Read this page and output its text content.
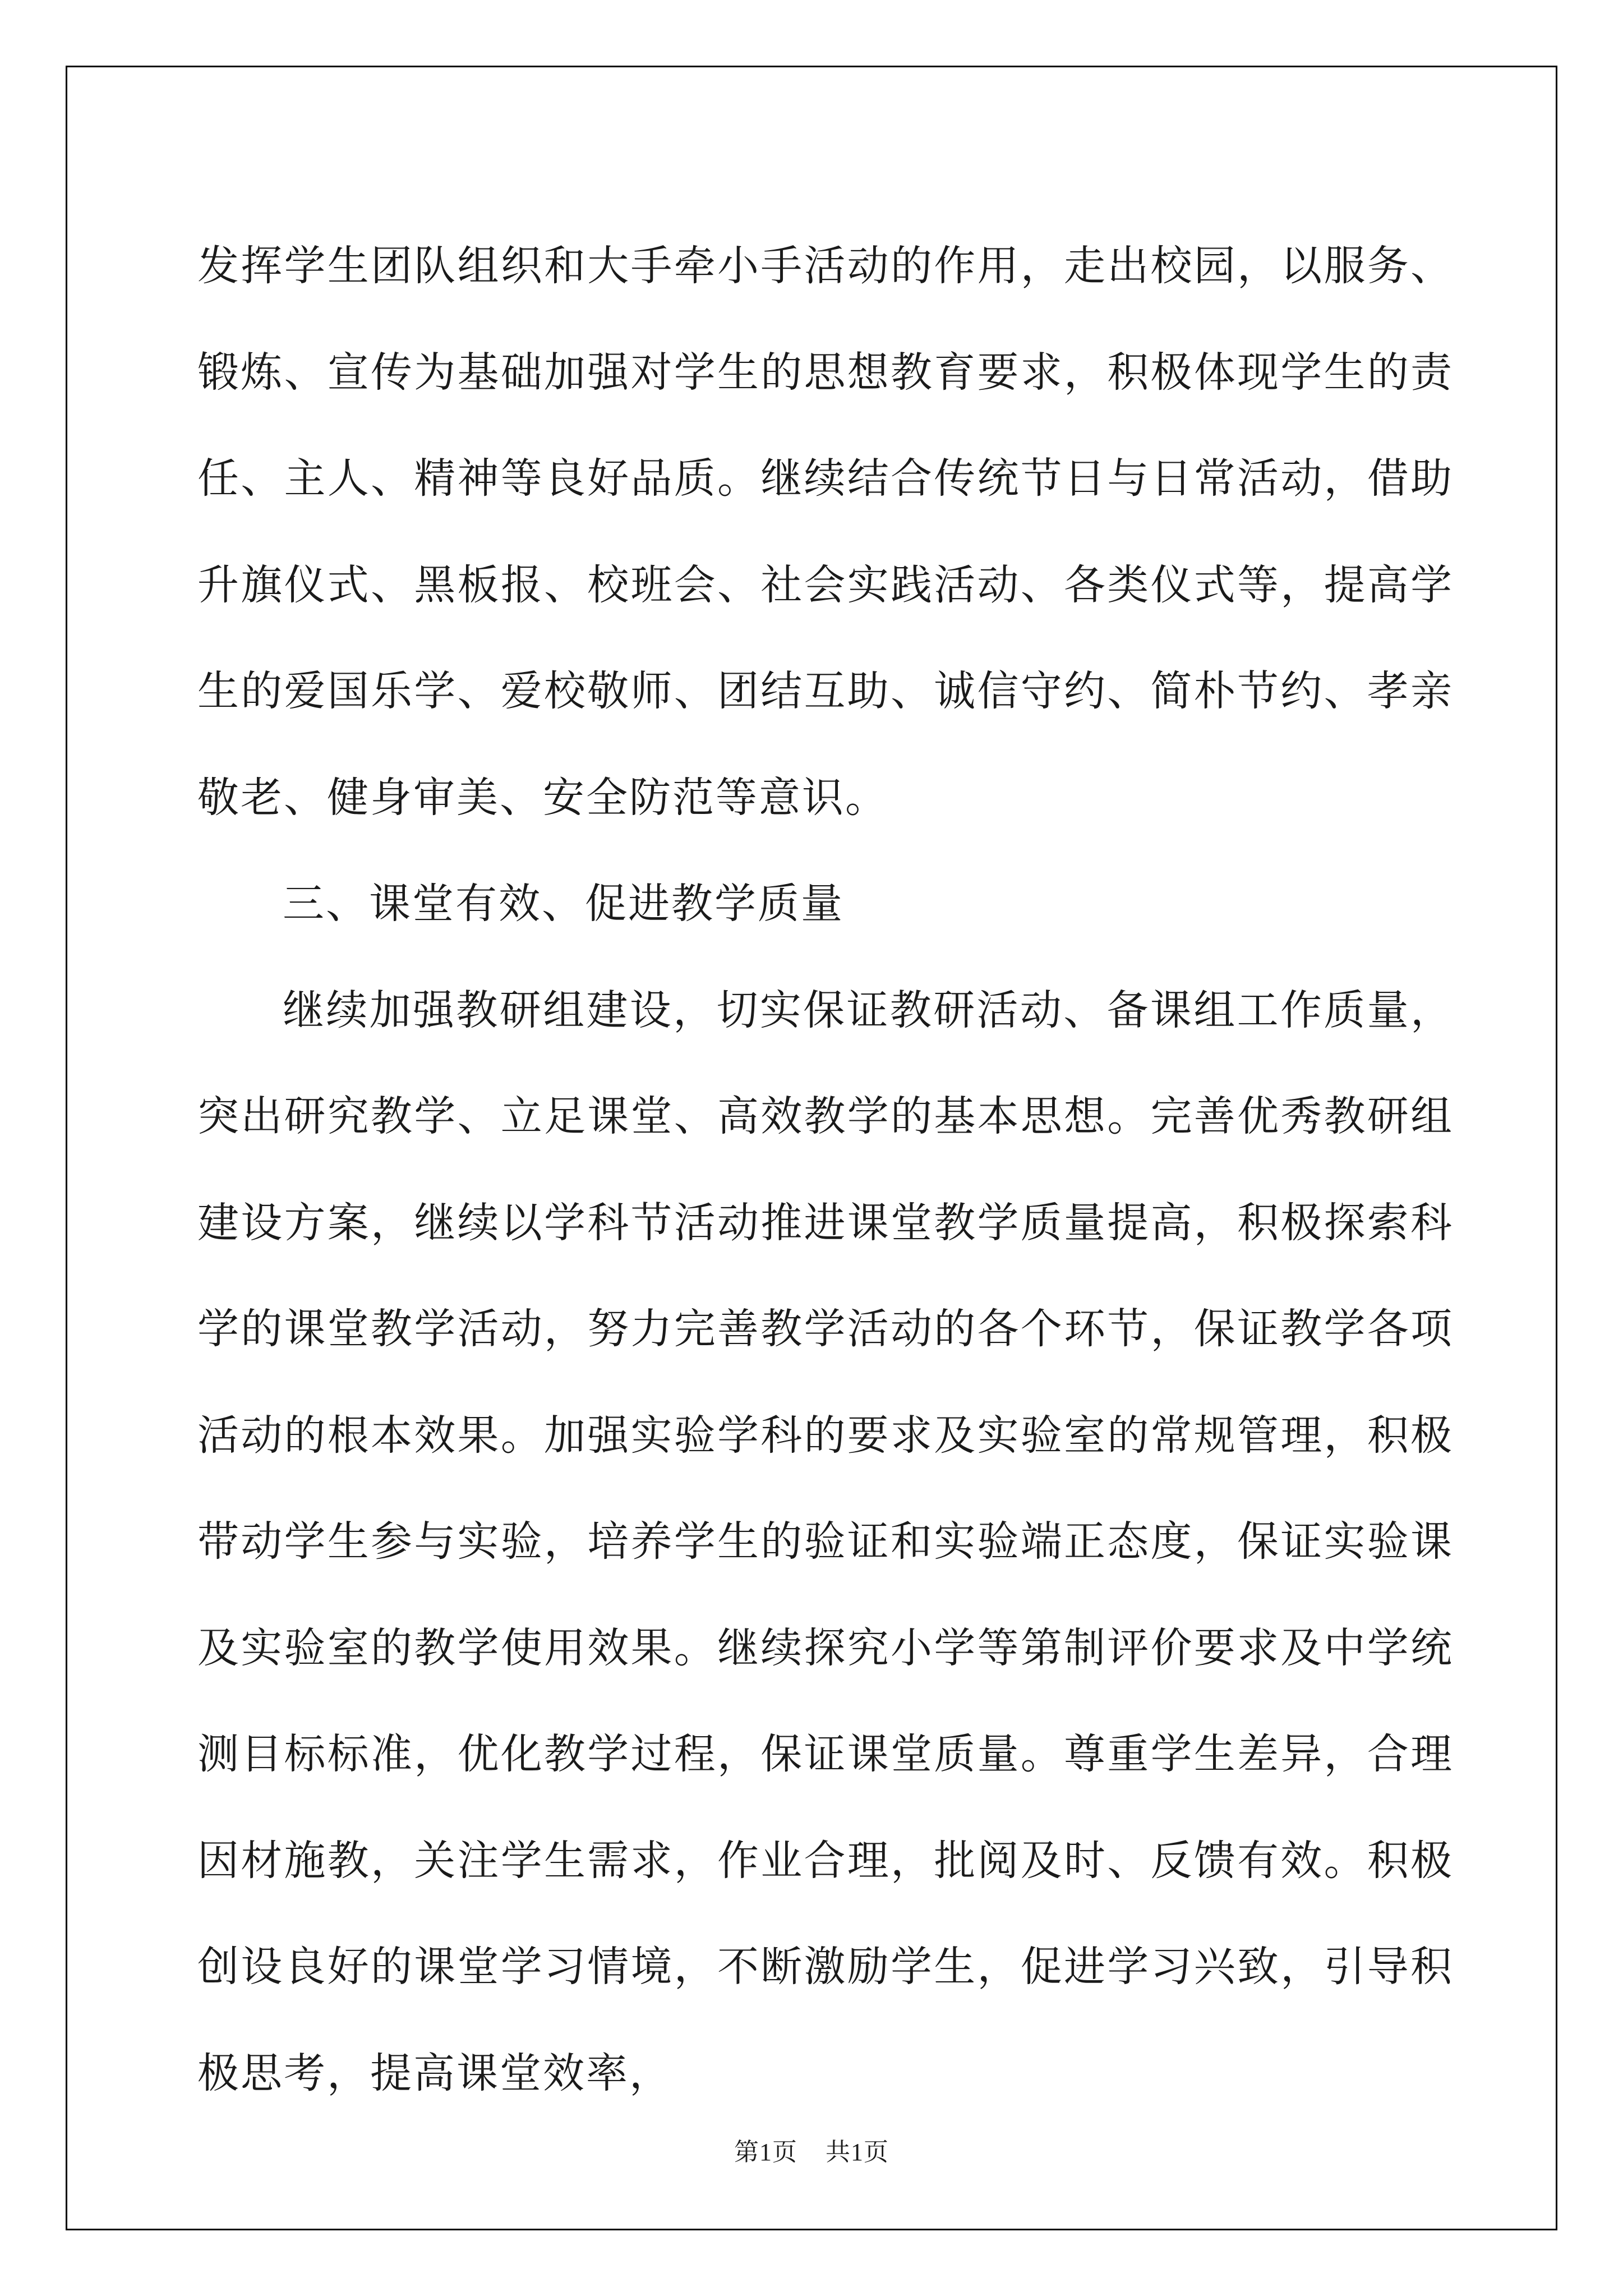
发挥学生团队组织和大手牵小手活动的作用，走出校园，以服务、锻炼、宣传为基础加强对学生的思想教育要求，积极体现学生的责任、主人、精神等良好品质。继续结合传统节日与日常活动，借助升旗仪式、黑板报、校班会、社会实践活动、各类仪式等，提高学生的爱国乐学、爱校敬师、团结互助、诚信守约、简朴节约、孝亲敬老、健身审美、安全防范等意识。

三、课堂有效、促进教学质量

继续加强教研组建设，切实保证教研活动、备课组工作质量，突出研究教学、立足课堂、高效教学的基本思想。完善优秀教研组建设方案，继续以学科节活动推进课堂教学质量提高，积极探索科学的课堂教学活动，努力完善教学活动的各个环节，保证教学各项活动的根本效果。加强实验学科的要求及实验室的常规管理，积极带动学生参与实验，培养学生的验证和实验端正态度，保证实验课及实验室的教学使用效果。继续探究小学等第制评价要求及中学统测目标标准，优化教学过程，保证课堂质量。尊重学生差异，合理因材施教，关注学生需求，作业合理，批阅及时、反馈有效。积极创设良好的课堂学习情境，不断激励学生，促进学习兴致，引导积极思考，提高课堂效率，

第1页 共1页
